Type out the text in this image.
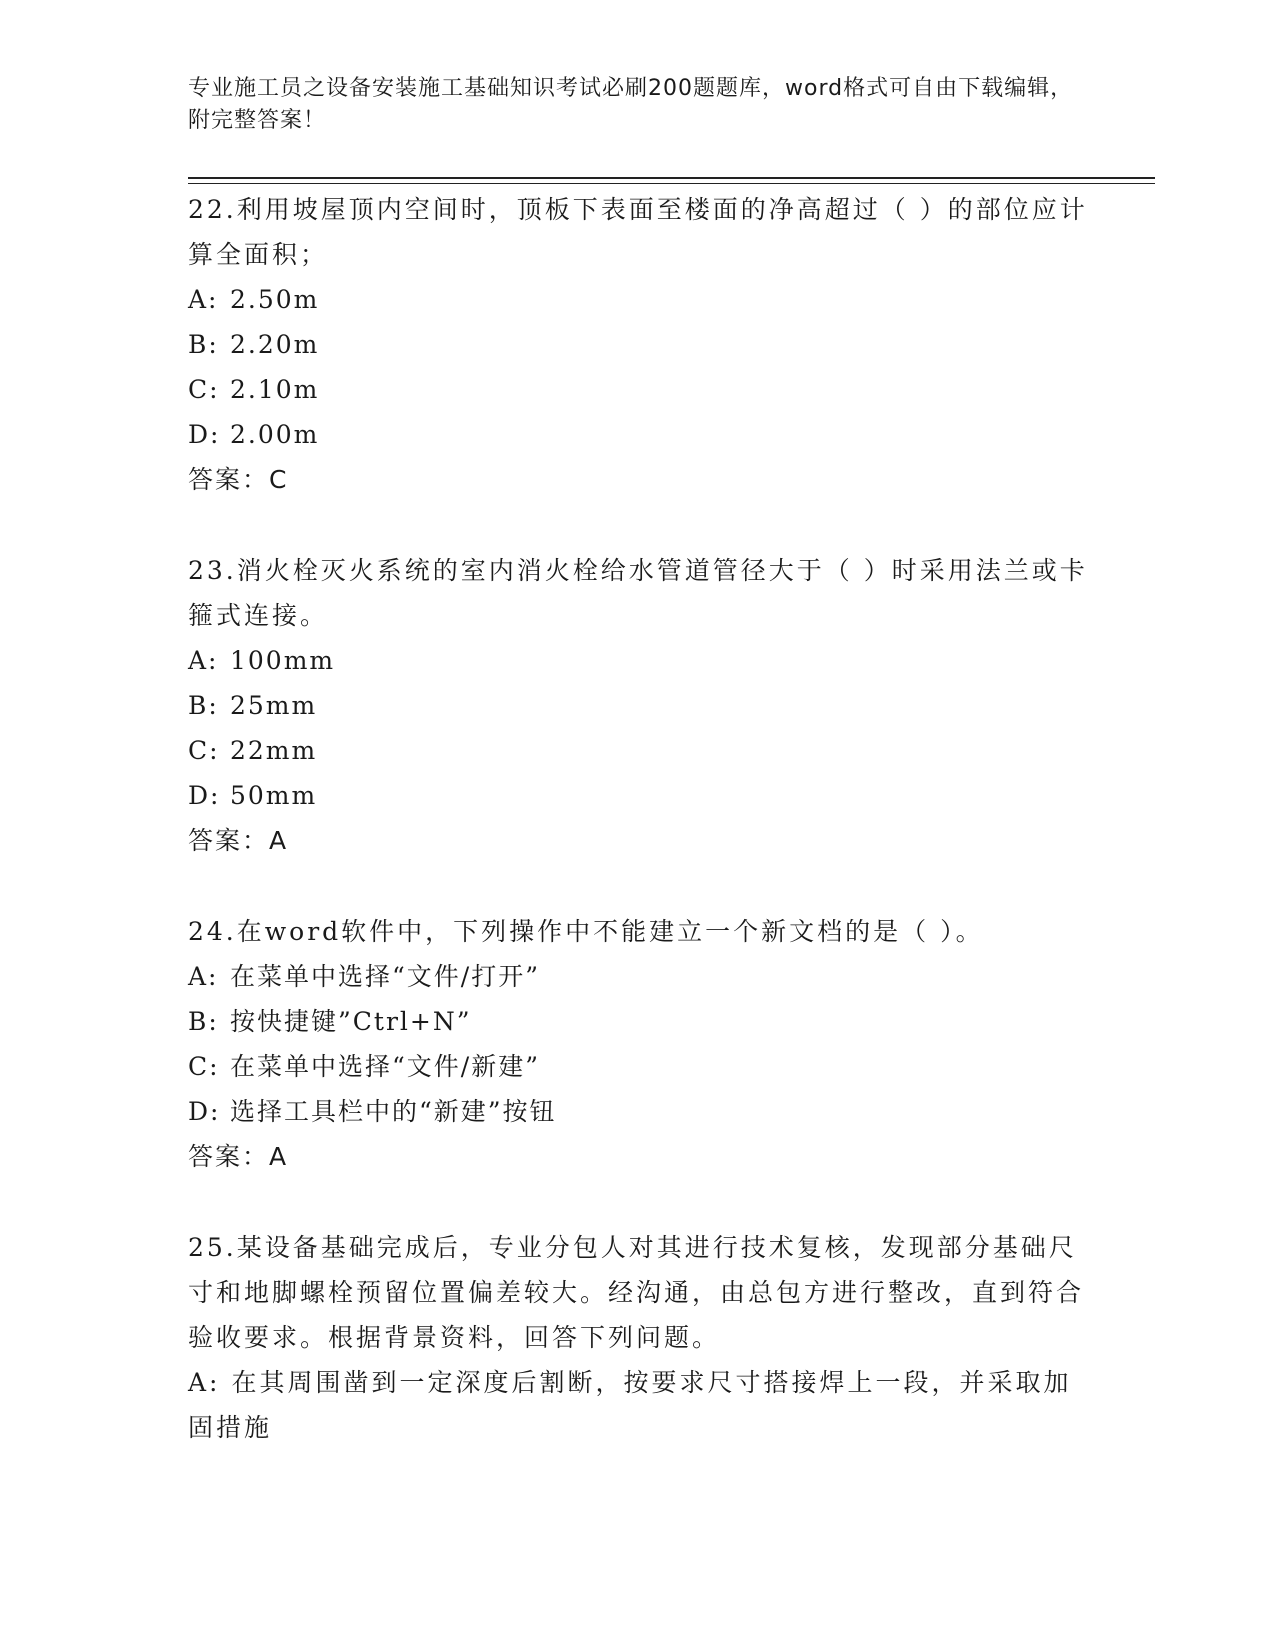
专业施工员之设备安装施工基础知识考试必刷200题题库，word格式可自由下载编辑，附完整答案！

22.利用坡屋顶内空间时，顶板下表面至楼面的净高超过（ ）的部位应计算全面积；

A: 2.50m

B: 2.20m

C: 2.10m

D: 2.00m

答案：C

23.消火栓灭火系统的室内消火栓给水管道管径大于（ ）时采用法兰或卡箍式连接。

A: 100mm

B: 25mm

C: 22mm

D: 50mm

答案：A

24.在word软件中，下列操作中不能建立一个新文档的是（ ）。

A: 在菜单中选择“文件/打开”

B: 按快捷键”Ctrl+N”

C: 在菜单中选择“文件/新建”

D: 选择工具栏中的“新建”按钮

答案：A

25.某设备基础完成后，专业分包人对其进行技术复核，发现部分基础尺寸和地脚螺栓预留位置偏差较大。经沟通，由总包方进行整改，直到符合验收要求。根据背景资料，回答下列问题。

A: 在其周围凿到一定深度后割断，按要求尺寸搭接焊上一段，并采取加固措施
